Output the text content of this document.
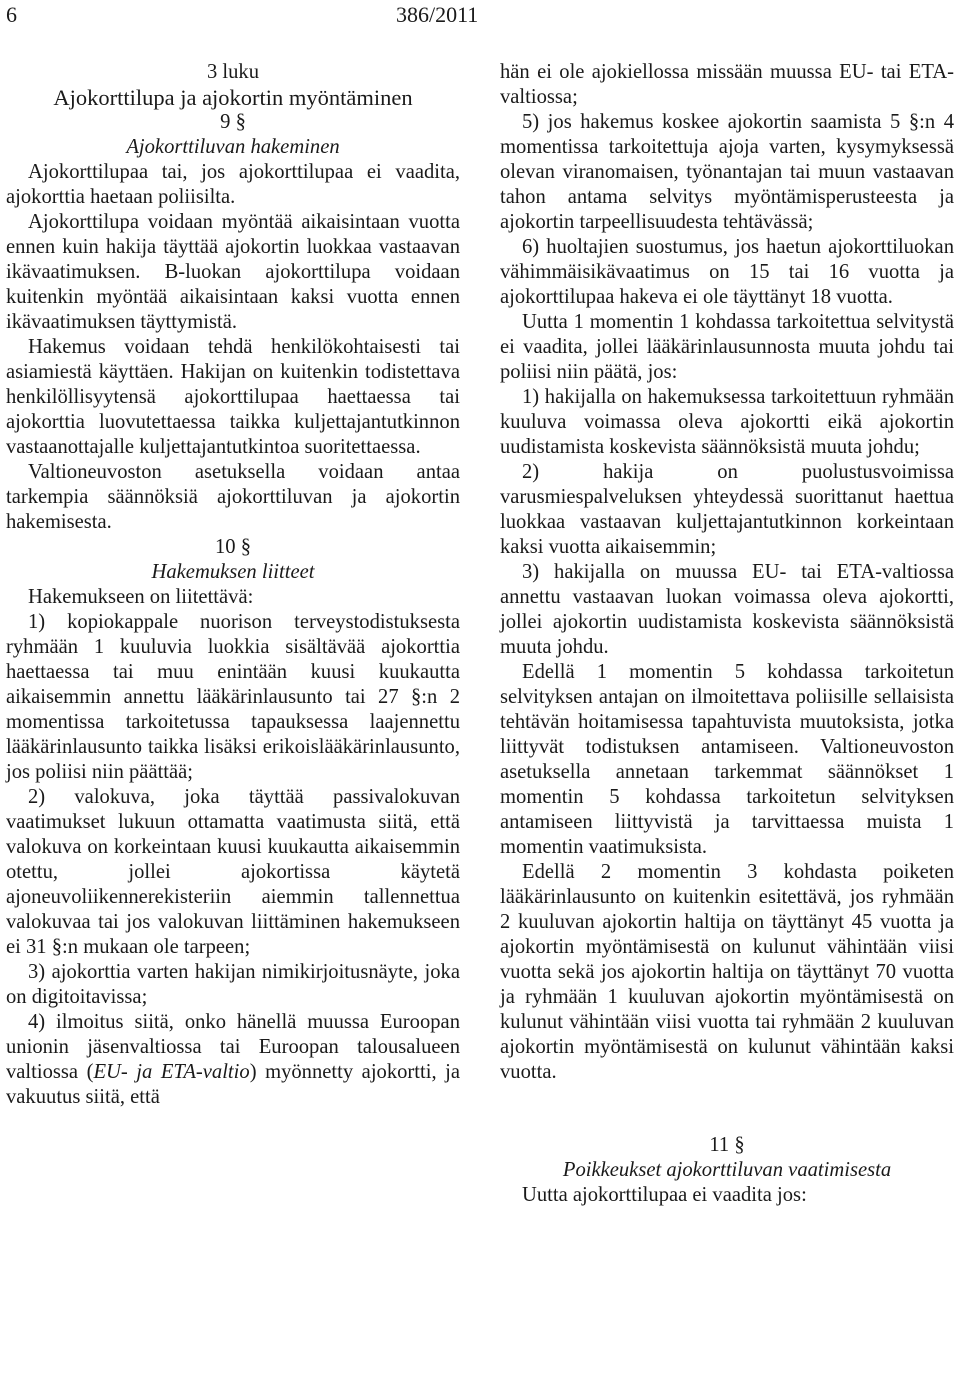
6	386/2011

3 luku

Ajokorttilupa ja ajokortin myöntäminen

9 §

Ajokorttiluvan hakeminen

Ajokorttilupaa tai, jos ajokorttilupaa ei vaadita, ajokorttia haetaan poliisilta.

Ajokorttilupa voidaan myöntää aikaisintaan vuotta ennen kuin hakija täyttää ajokortin luokkaa vastaavan ikävaatimuksen. B-luokan ajokorttilupa voidaan kuitenkin myöntää aikaisintaan kaksi vuotta ennen ikävaatimuksen täyttymistä.

Hakemus voidaan tehdä henkilökohtaisesti tai asiamiestä käyttäen. Hakijan on kuitenkin todistettava henkilöllisyytensä ajokorttilupaa haettaessa tai ajokorttia luovutettaessa taikka kuljettajantutkinnon vastaanottajalle kuljettajantutkintoa suoritettaessa.

Valtioneuvoston asetuksella voidaan antaa tarkempia säännöksiä ajokorttiluvan ja ajokortin hakemisesta.

10 §

Hakemuksen liitteet

Hakemukseen on liitettävä:

1) kopiokappale nuorison terveystodistuksesta ryhmään 1 kuuluvia luokkia sisältävää ajokorttia haettaessa tai muu enintään kuusi kuukautta aikaisemmin annettu lääkärinlausunto tai 27 §:n 2 momentissa tarkoitetussa tapauksessa laajennettu lääkärinlausunto taikka lisäksi erikoislääkärinlausunto, jos poliisi niin päättää;

2) valokuva, joka täyttää passivalokuvan vaatimukset lukuun ottamatta vaatimusta siitä, että valokuva on korkeintaan kuusi kuukautta aikaisemmin otettu, jollei ajokortissa käytetä ajoneuvoliikennerekisteriin aiemmin tallennettua valokuvaa tai jos valokuvan liittäminen hakemukseen ei 31 §:n mukaan ole tarpeen;

3) ajokorttia varten hakijan nimikirjoitusnäyte, joka on digitoitavissa;

4) ilmoitus siitä, onko hänellä muussa Euroopan unionin jäsenvaltiossa tai Euroopan talousalueen valtiossa (EU- ja ETA-valtio) myönnetty ajokortti, ja vakuutus siitä, että

hän ei ole ajokiellossa missään muussa EU- tai ETA-valtiossa;

5) jos hakemus koskee ajokortin saamista 5 §:n 4 momentissa tarkoitettuja ajoja varten, kysymyksessä olevan viranomaisen, työnantajan tai muun vastaavan tahon antama selvitys myöntämisperusteesta ja ajokortin tarpeellisuudesta tehtävässä;

6) huoltajien suostumus, jos haetun ajokorttiluokan vähimmäisikävaatimus on 15 tai 16 vuotta ja ajokorttilupaa hakeva ei ole täyttänyt 18 vuotta.

Uutta 1 momentin 1 kohdassa tarkoitettua selvitystä ei vaadita, jollei lääkärinlausunnosta muuta johdu tai poliisi niin päätä, jos:

1) hakijalla on hakemuksessa tarkoitettuun ryhmään kuuluva voimassa oleva ajokortti eikä ajokortin uudistamista koskevista säännöksistä muuta johdu;

2) hakija on puolustusvoimissa varusmiespalveluksen yhteydessä suorittanut haettua luokkaa vastaavan kuljettajantutkinnon korkeintaan kaksi vuotta aikaisemmin;

3) hakijalla on muussa EU- tai ETA-valtiossa annettu vastaavan luokan voimassa oleva ajokortti, jollei ajokortin uudistamista koskevista säännöksistä muuta johdu.

Edellä 1 momentin 5 kohdassa tarkoitetun selvityksen antajan on ilmoitettava poliisille sellaisista tehtävän hoitamisessa tapahtuvista muutoksista, jotka liittyvät todistuksen antamiseen. Valtioneuvoston asetuksella annetaan tarkemmat säännökset 1 momentin 5 kohdassa tarkoitetun selvityksen antamiseen liittyvistä ja tarvittaessa muista 1 momentin vaatimuksista.

Edellä 2 momentin 3 kohdasta poiketen lääkärinlausunto on kuitenkin esitettävä, jos ryhmään 2 kuuluvan ajokortin haltija on täyttänyt 45 vuotta ja ajokortin myöntämisestä on kulunut vähintään viisi vuotta sekä jos ajokortin haltija on täyttänyt 70 vuotta ja ryhmään 1 kuuluvan ajokortin myöntämisestä on kulunut vähintään viisi vuotta tai ryhmään 2 kuuluvan ajokortin myöntämisestä on kulunut vähintään kaksi vuotta.

11 §

Poikkeukset ajokorttiluvan vaatimisesta

Uutta ajokorttilupaa ei vaadita jos:
